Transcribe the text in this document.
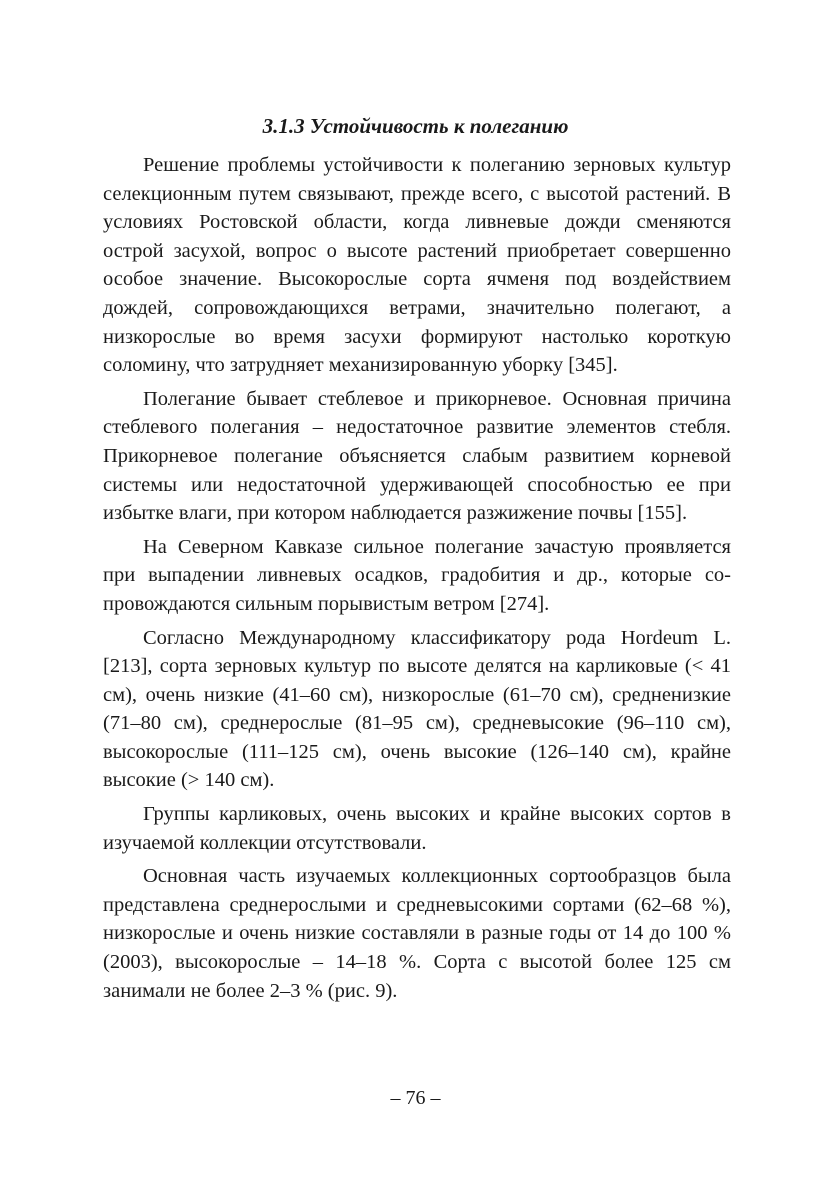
3.1.3 Устойчивость к полеганию

Решение проблемы устойчивости к полеганию зерновых культур селекционным путем связывают, прежде всего, с высотой растений. В условиях Ростовской области, когда ливневые дожди сменяются острой засухой, вопрос о высоте растений приобретает совершенно особое значение. Высокорослые сорта ячменя под воздействием дождей, сопровождающихся ветрами, значительно полегают, а низкорослые во время засухи формируют настолько короткую соломину, что затрудняет механизированную уборку [345].

Полегание бывает стеблевое и прикорневое. Основная причина стеблевого полегания – недостаточное развитие элементов стебля. Прикорневое полегание объясняется слабым развитием корневой системы или недостаточной удерживающей способностью ее при избытке влаги, при котором наблюдается разжижение почвы [155].

На Северном Кавказе сильное полегание зачастую проявляется при выпадении ливневых осадков, градобития и др., которые сопровождаются сильным порывистым ветром [274].

Согласно Международному классификатору рода Hordeum L. [213], сорта зерновых культур по высоте делятся на карликовые (< 41 см), очень низкие (41–60 см), низкорослые (61–70 см), средненизкие (71–80 см), среднерослые (81–95 см), средневысокие (96–110 см), высокорослые (111–125 см), очень высокие (126–140 см), крайне высокие (> 140 см).

Группы карликовых, очень высоких и крайне высоких сортов в изучаемой коллекции отсутствовали.

Основная часть изучаемых коллекционных сортообразцов была представлена среднерослыми и средневысокими сортами (62–68 %), низкорослые и очень низкие составляли в разные годы от 14 до 100 % (2003), высокорослые – 14–18 %. Сорта с высотой более 125 см занимали не более 2–3 % (рис. 9).

– 76 –
